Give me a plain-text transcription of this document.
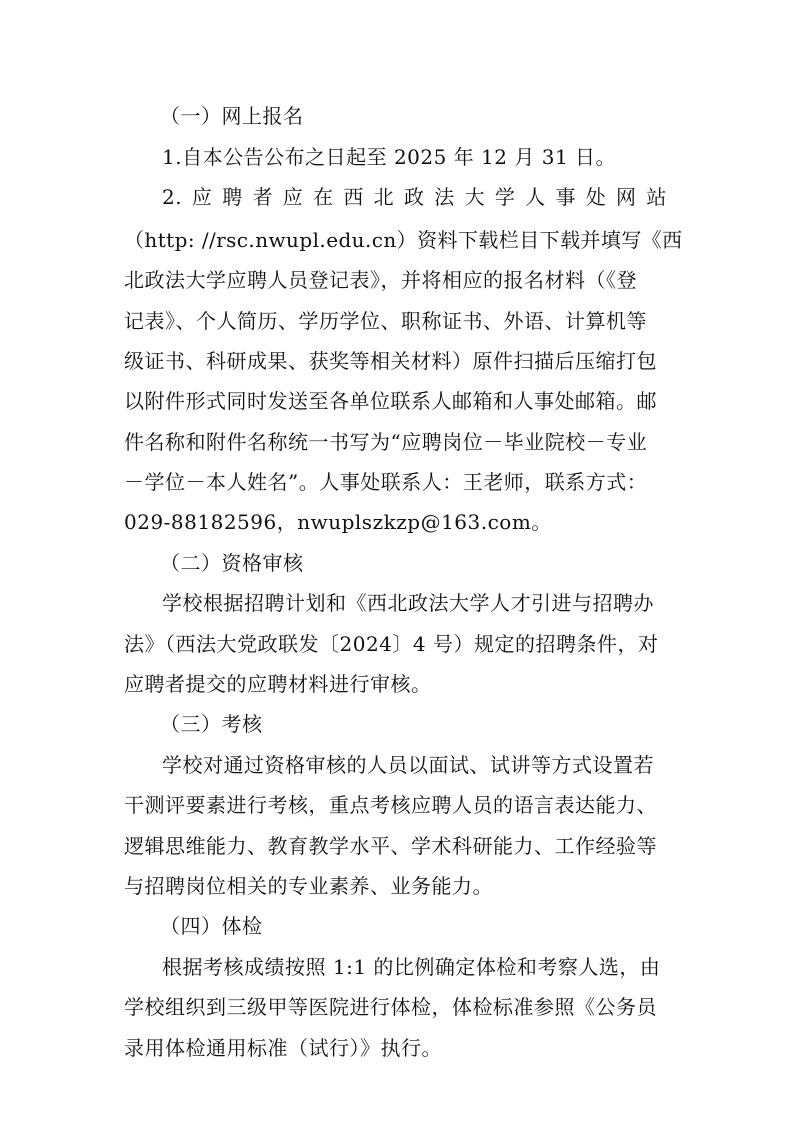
（一）网上报名
1.自本公告公布之日起至 2025 年 12 月 31 日。
2. 应 聘 者 应 在 西 北 政 法 大 学 人 事 处 网 站
（http: //rsc.nwupl.edu.cn）资料下载栏目下载并填写《西
北政法大学应聘人员登记表》，并将相应的报名材料（《登
记表》、个人简历、学历学位、职称证书、外语、计算机等
级证书、科研成果、获奖等相关材料）原件扫描后压缩打包
以附件形式同时发送至各单位联系人邮箱和人事处邮箱。邮
件名称和附件名称统一书写为“应聘岗位－毕业院校－专业
－学位－本人姓名”。人事处联系人：王老师，联系方式：
029-88182596，nwuplszkzp@163.com。
（二）资格审核
学校根据招聘计划和《西北政法大学人才引进与招聘办
法》（西法大党政联发〔2024〕4 号）规定的招聘条件，对
应聘者提交的应聘材料进行审核。
（三）考核
学校对通过资格审核的人员以面试、试讲等方式设置若
干测评要素进行考核，重点考核应聘人员的语言表达能力、
逻辑思维能力、教育教学水平、学术科研能力、工作经验等
与招聘岗位相关的专业素养、业务能力。
（四）体检
根据考核成绩按照 1:1 的比例确定体检和考察人选，由
学校组织到三级甲等医院进行体检，体检标准参照《公务员
录用体检通用标准（试行）》执行。
